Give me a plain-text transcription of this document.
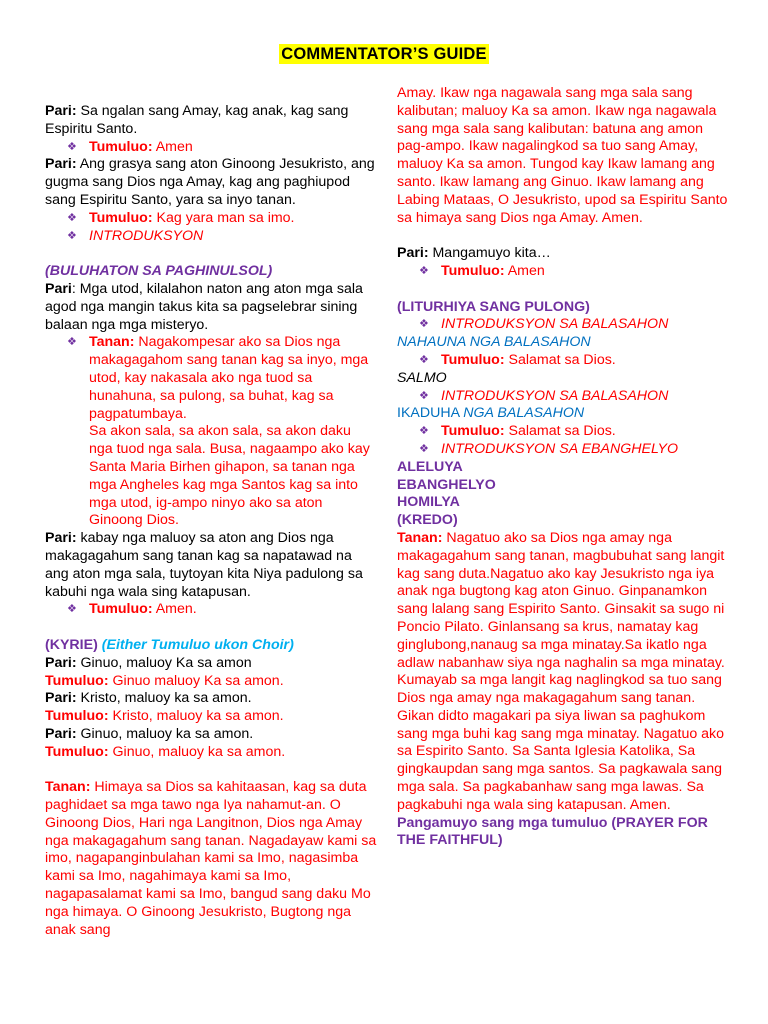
COMMENTATOR’S GUIDE

Pari: Sa ngalan sang Amay, kag anak, kag sang Espiritu Santo.

❖ Tumuluo: Amen

Pari: Ang grasya sang aton Ginoong Jesukristo, ang gugma sang Dios nga Amay, kag ang paghiupod sang Espiritu Santo, yara sa inyo tanan.

❖ Tumuluo: Kag yara man sa imo.
❖ INTRODUKSYON

(BULUHATON SA PAGHINULSOL)

Pari: Mga utod, kilalahon naton ang aton mga sala agod nga mangin takus kita sa pagselebrar sining balaan nga mga misteryo.

❖ Tanan: Nagakompesar ako sa Dios nga makagagahom sang tanan kag sa inyo, mga utod, kay nakasala ako nga tuod sa hunahuna, sa pulong, sa buhat, kag sa pagpatumbaya.

Sa akon sala, sa akon sala, sa akon daku nga tuod nga sala. Busa, nagaampo ako kay Santa Maria Birhen gihapon, sa tanan nga mga Angheles kag mga Santos kag sa into mga utod, ig-ampo ninyo ako sa aton Ginoong Dios.

Pari: kabay nga maluoy sa aton ang Dios nga makagagahum sang tanan kag sa napatawad na ang aton mga sala, tuytoyan kita Niya padulong sa kabuhi nga wala sing katapusan.

❖ Tumuluo: Amen.

(KYRIE) (Either Tumuluo ukon Choir)

Pari: Ginuo, maluoy Ka sa amon

Tumuluo: Ginuo maluoy Ka sa amon.

Pari: Kristo, maluoy ka sa amon.

Tumuluo: Kristo, maluoy ka sa amon.

Pari: Ginuo, maluoy ka sa amon.

Tumuluo: Ginuo, maluoy ka sa amon.

Tanan: Himaya sa Dios sa kahitaasan, kag sa duta paghidaet sa mga tawo nga Iya nahamut-an. O Ginoong Dios, Hari nga Langitnon, Dios nga Amay nga makagagahum sang tanan. Nagadayaw kami sa imo, nagapanginbulahan kami sa Imo, nagasimba kami sa Imo, nagahimaya kami sa Imo, nagapasalamat kami sa Imo, bangud sang daku Mo nga himaya. O Ginoong Jesukristo, Bugtong nga anak sang

Amay. Ikaw nga nagawala sang mga sala sang kalibutan; maluoy Ka sa amon. Ikaw nga nagawala sang mga sala sang kalibutan: batuna ang amon pag-ampo. Ikaw nagalingkod sa tuo sang Amay, maluoy Ka sa amon. Tungod kay Ikaw lamang ang santo. Ikaw lamang ang Ginuo. Ikaw lamang ang Labing Mataas, O Jesukristo, upod sa Espiritu Santo sa himaya sang Dios nga Amay. Amen.

Pari: Mangamuyo kita…

❖ Tumuluo: Amen

(LITURHIYA SANG PULONG)

❖ INTRODUKSYON SA BALASAHON

NAHAUNA NGA BALASAHON

❖ Tumuluo: Salamat sa Dios.

SALMO

❖ INTRODUKSYON SA BALASAHON

IKADUHA NGA BALASAHON

❖ Tumuluo: Salamat sa Dios.
❖ INTRODUKSYON SA EBANGHELYO

ALELUYA

EBANGHELYO

HOMILYA

(KREDO)

Tanan: Nagatuo ako sa Dios nga amay nga makagagahum sang tanan, magbubuhat sang langit kag sang duta.Nagatuo ako kay Jesukristo nga iya anak nga bugtong kag aton Ginuo. Ginpanamkon sang lalang sang Espirito Santo. Ginsakit sa sugo ni Poncio Pilato. Ginlansang sa krus, namatay kag ginglubong,nanaug sa mga minatay.Sa ikatlo nga adlaw nabanhaw siya nga naghalin sa mga minatay. Kumayab sa mga langit kag naglingkod sa tuo sang Dios nga amay nga makagagahum sang tanan. Gikan didto magakari pa siya liwan sa paghukom sang mga buhi kag sang mga minatay. Nagatuo ako sa Espirito Santo. Sa Santa Iglesia Katolika, Sa gingkaupdan sang mga santos. Sa pagkawala sang mga sala. Sa pagkabanhaw sang mga lawas. Sa pagkabuhi nga wala sing katapusan. Amen.

Pangamuyo sang mga tumuluo (PRAYER FOR THE FAITHFUL)
